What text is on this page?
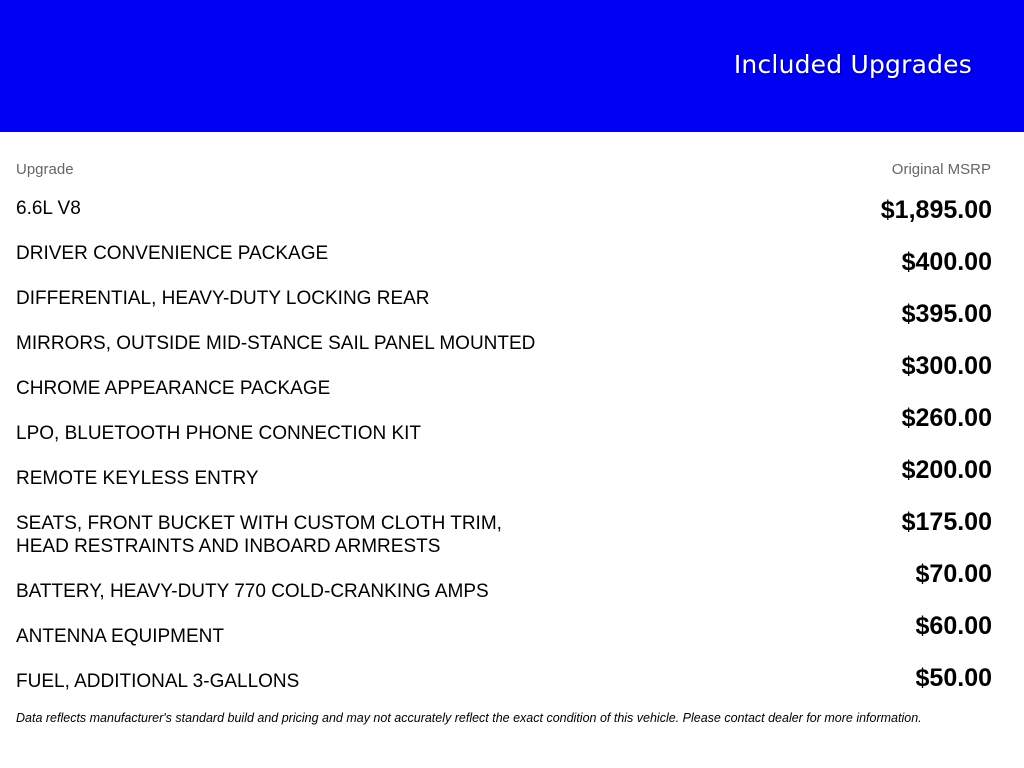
Included Upgrades
Upgrade	Original MSRP
6.6L V8
DRIVER CONVENIENCE PACKAGE
DIFFERENTIAL, HEAVY-DUTY LOCKING REAR
MIRRORS, OUTSIDE MID-STANCE SAIL PANEL MOUNTED
CHROME APPEARANCE PACKAGE
LPO, BLUETOOTH PHONE CONNECTION KIT
REMOTE KEYLESS ENTRY
SEATS, FRONT BUCKET WITH CUSTOM CLOTH TRIM,
HEAD RESTRAINTS AND INBOARD ARMRESTS
BATTERY, HEAVY-DUTY 770 COLD-CRANKING AMPS
ANTENNA EQUIPMENT
FUEL, ADDITIONAL 3-GALLONS
$1,895.00
$400.00
$395.00
$300.00
$260.00
$200.00
$175.00
$70.00
$60.00
$50.00
Data reflects manufacturer's standard build and pricing and may not accurately reflect the exact condition of this vehicle. Please contact dealer for more information.
